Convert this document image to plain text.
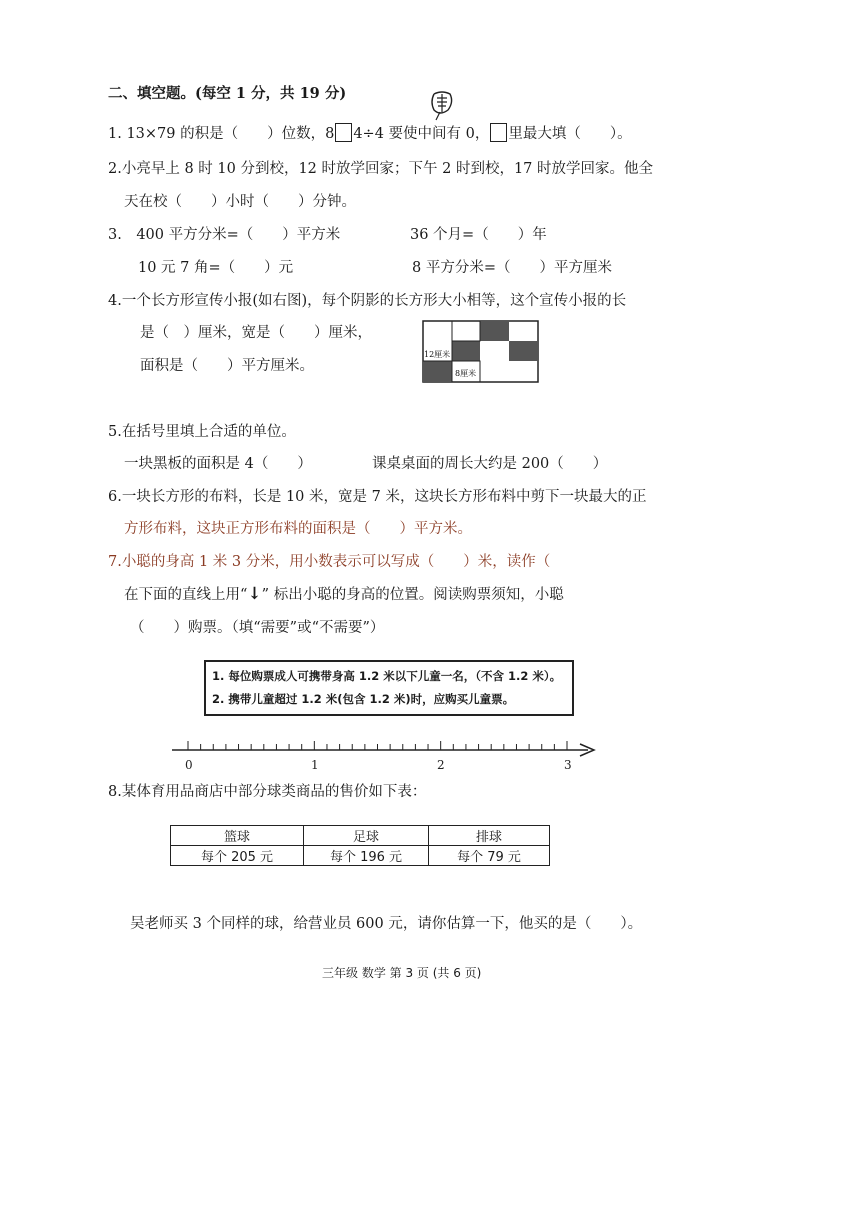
二、填空题。(每空 1 分，共 19 分)
1. 13×79 的积是（　　）位数，8 4÷4 要使中间有 0， 里最大填（　　）。
2.小亮早上 8 时 10 分到校，12 时放学回家；下午 2 时到校，17 时放学回家。他全
天在校（　　）小时（　　）分钟。
3.　400 平方分米=（　　）平方米	36 个月=（　　）年
10 元 7 角=（　　）元	8 平方分米=（　　）平方厘米
4.一个长方形宣传小报(如右图)，每个阴影的长方形大小相等，这个宣传小报的长
是（　）厘米，宽是（　　）厘米，
面积是（　　）平方厘米。
12厘米
8厘米
5.在括号里填上合适的单位。
一块黑板的面积是 4（　　）	课桌桌面的周长大约是 200（　　）
6.一块长方形的布料，长是 10 米，宽是 7 米，这块长方形布料中剪下一块最大的正
方形布料，这块正方形布料的面积是（　　）平方米。
7.小聪的身高 1 米 3 分米，用小数表示可以写成（　　）米，读作（
在下面的直线上用“↓” 标出小聪的身高的位置。阅读购票须知，小聪
（　　）购票。（填“需要”或“不需要”）
1. 每位购票成人可携带身高 1.2 米以下儿童一名，（不含 1.2 米）。
2. 携带儿童超过 1.2 米(包含 1.2 米)时，应购买儿童票。
0	1	2	3
8.某体育用品商店中部分球类商品的售价如下表：
篮球	足球	排球
每个 205 元	每个 196 元	每个 79 元
吴老师买 3 个同样的球，给营业员 600 元，请你估算一下，他买的是（　　）。
三年级 数学 第 3 页 (共 6 页)
